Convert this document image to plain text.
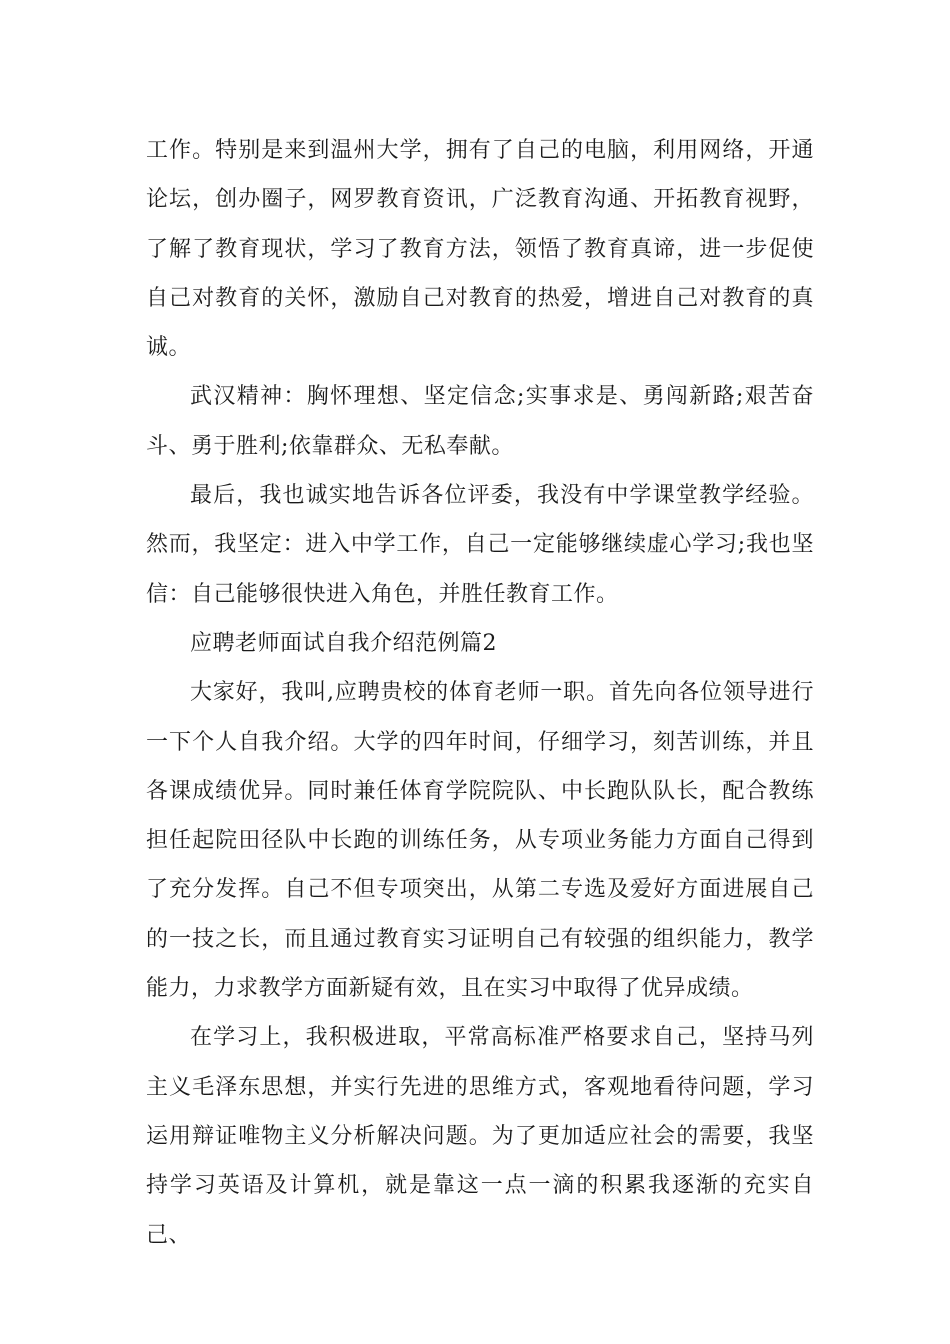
工作。特别是来到温州大学，拥有了自己的电脑，利用网络，开通论坛，创办圈子，网罗教育资讯，广泛教育沟通、开拓教育视野，了解了教育现状，学习了教育方法，领悟了教育真谛，进一步促使自己对教育的关怀，激励自己对教育的热爱，增进自己对教育的真诚。

武汉精神：胸怀理想、坚定信念;实事求是、勇闯新路;艰苦奋斗、勇于胜利;依靠群众、无私奉献。

最后，我也诚实地告诉各位评委，我没有中学课堂教学经验。然而，我坚定：进入中学工作，自己一定能够继续虚心学习;我也坚信：自己能够很快进入角色，并胜任教育工作。

应聘老师面试自我介绍范例篇2

大家好，我叫,应聘贵校的体育老师一职。首先向各位领导进行一下个人自我介绍。大学的四年时间，仔细学习，刻苦训练，并且各课成绩优异。同时兼任体育学院院队、中长跑队队长，配合教练担任起院田径队中长跑的训练任务，从专项业务能力方面自己得到了充分发挥。自己不但专项突出，从第二专选及爱好方面进展自己的一技之长，而且通过教育实习证明自己有较强的组织能力，教学能力，力求教学方面新疑有效，且在实习中取得了优异成绩。

在学习上，我积极进取，平常高标准严格要求自己，坚持马列主义毛泽东思想，并实行先进的思维方式，客观地看待问题，学习运用辩证唯物主义分析解决问题。为了更加适应社会的需要，我坚持学习英语及计算机，就是靠这一点一滴的积累我逐渐的充实自己、
